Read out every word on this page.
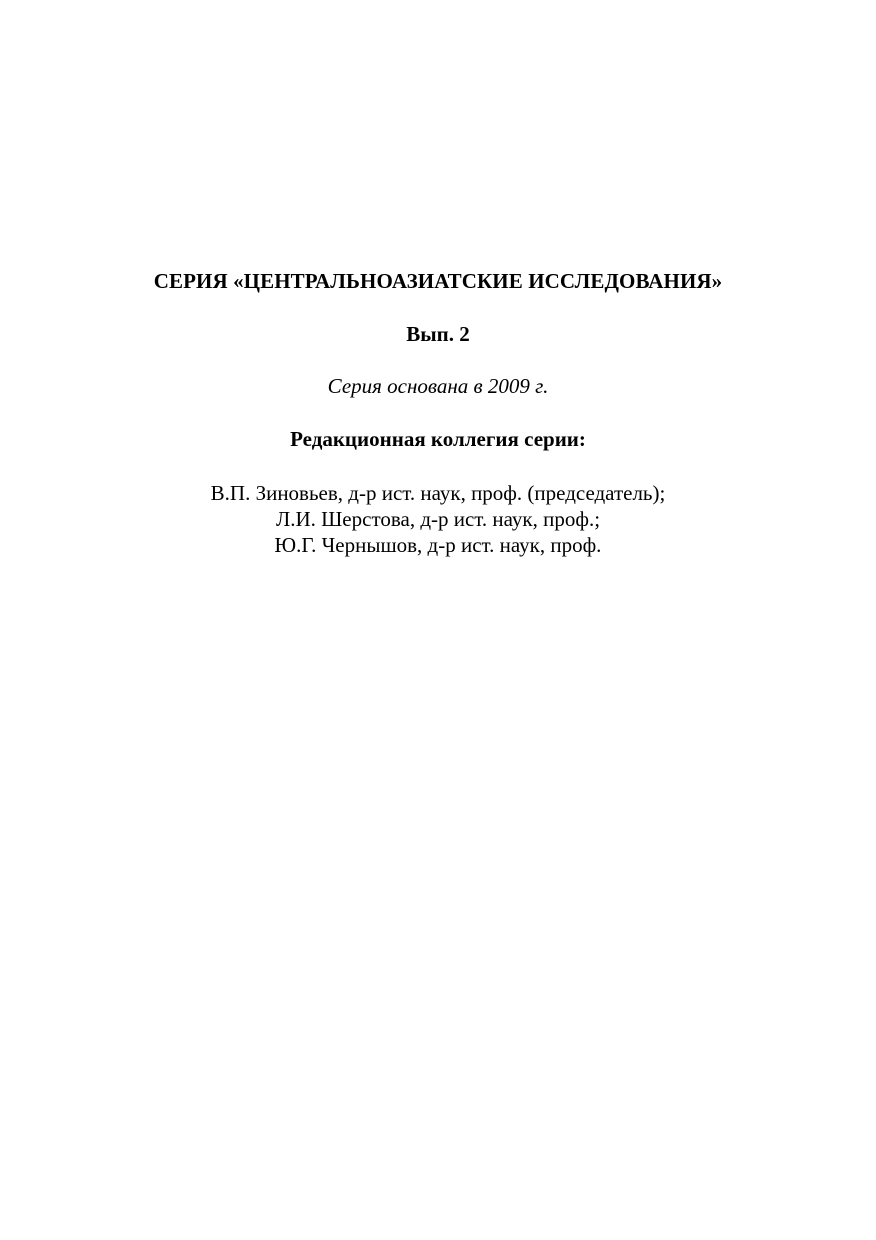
СЕРИЯ «ЦЕНТРАЛЬНОАЗИАТСКИЕ ИССЛЕДОВАНИЯ»
Вып. 2
Серия основана в 2009 г.
Редакционная коллегия серии:
В.П. Зиновьев, д-р ист. наук, проф. (председатель);
Л.И. Шерстова, д-р ист. наук, проф.;
Ю.Г. Чернышов, д-р ист. наук, проф.
